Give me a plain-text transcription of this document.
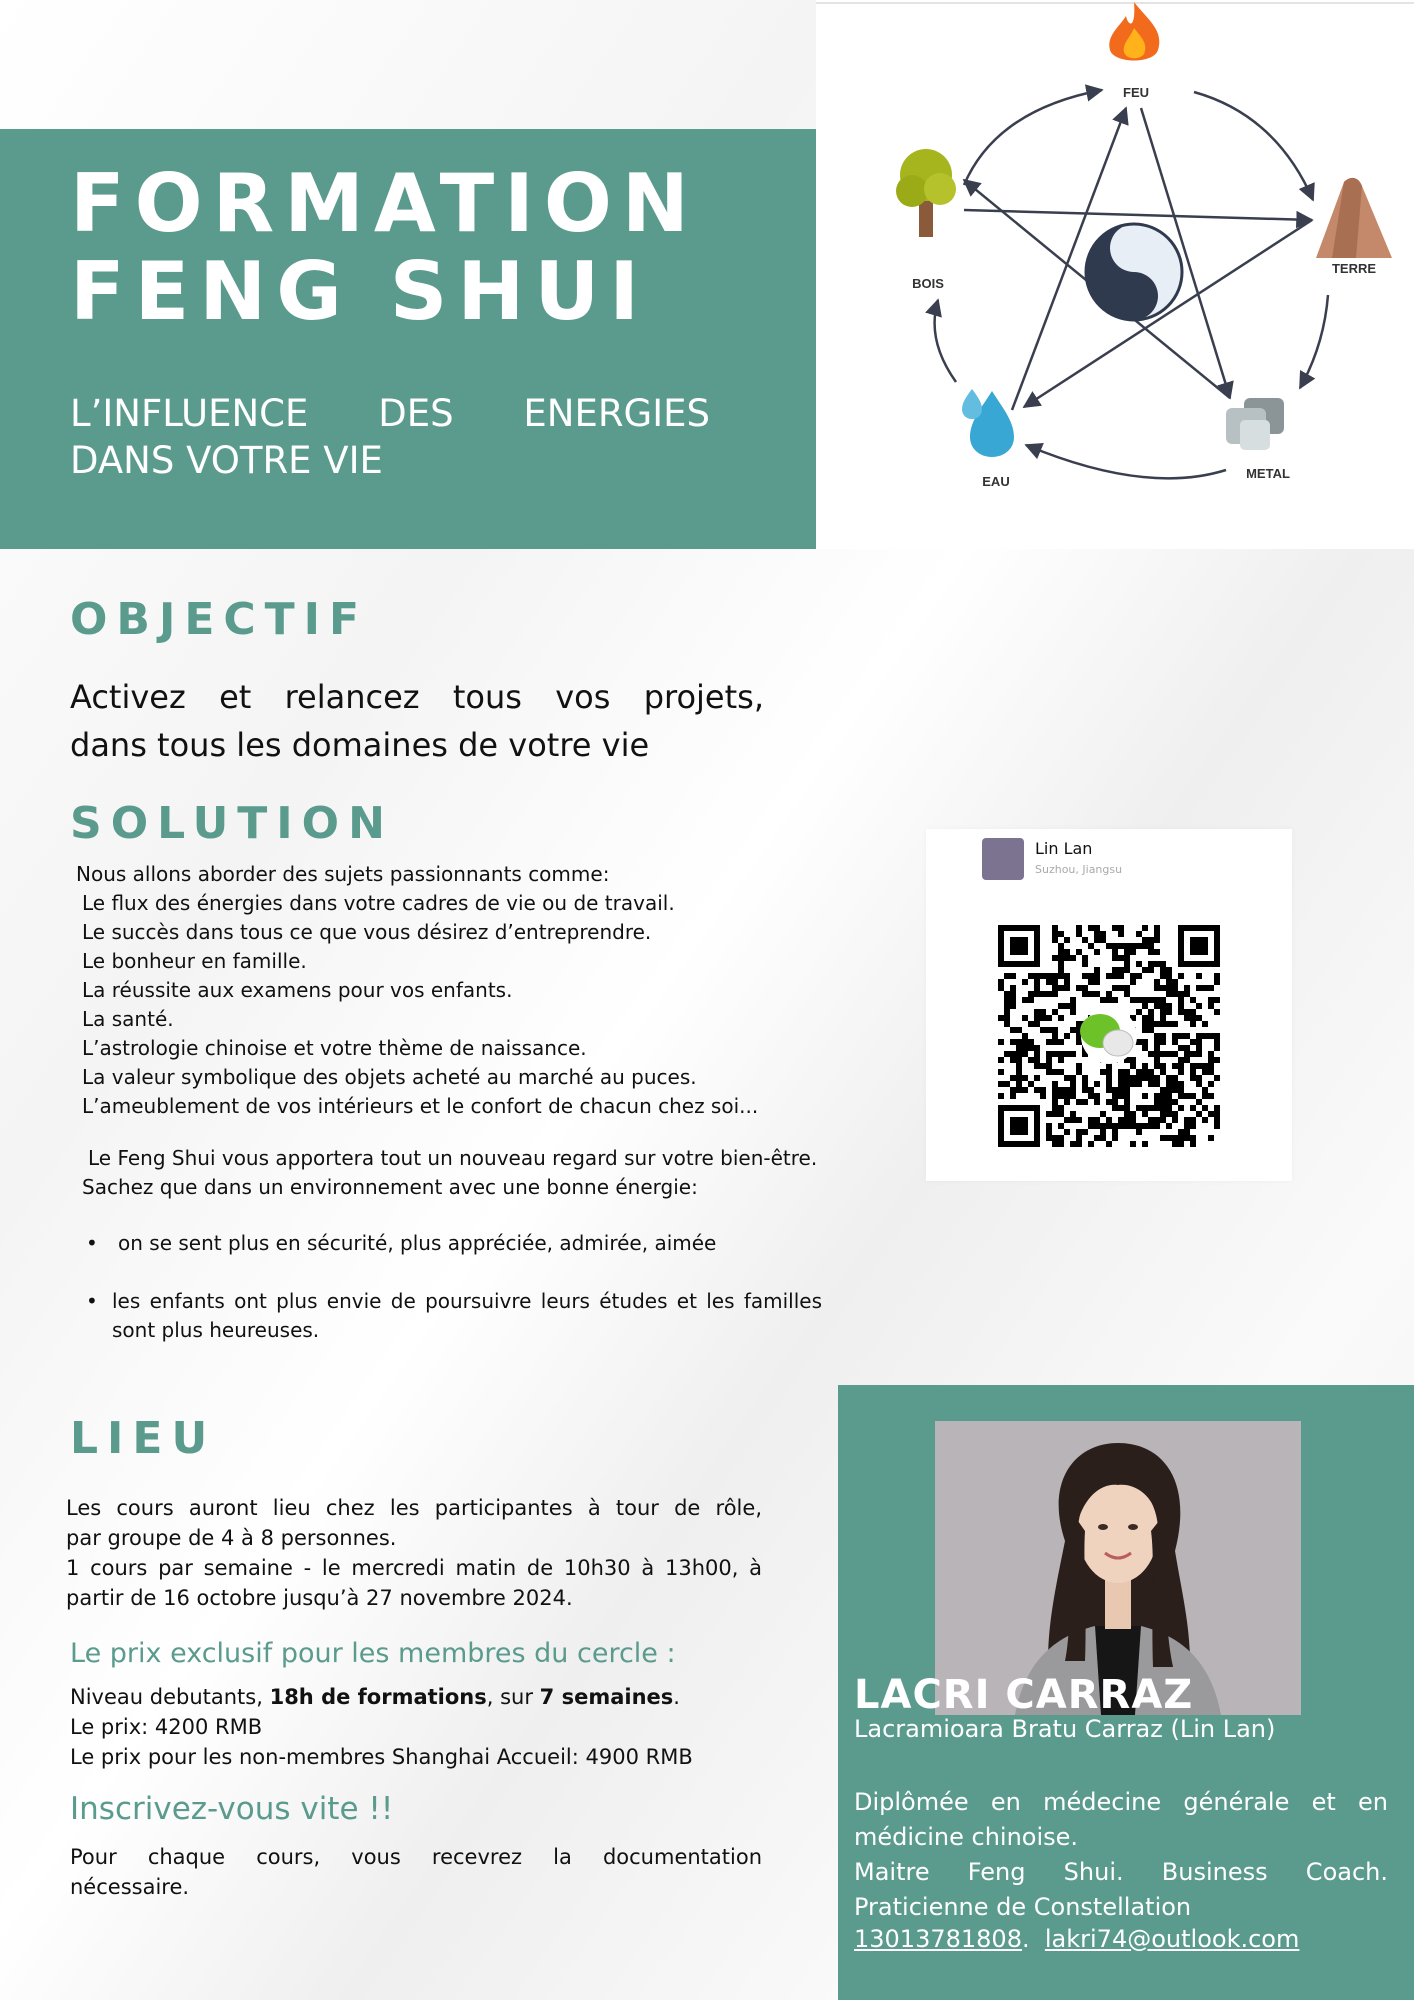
FORMATION
FENG SHUI
L’INFLUENCE DES ENERGIES
DANS VOTRE VIE
FEU
BOIS
TERRE
METAL
EAU
OBJECTIF
Activez et relancez tous vos projets,
dans tous les domaines de votre vie
SOLUTION
Nous allons aborder des sujets passionnants comme:
Le flux des énergies dans votre cadres de vie ou de travail.
Le succès dans tous ce que vous désirez d’entreprendre.
Le bonheur en famille.
La réussite aux examens pour vos enfants.
La santé.
L’astrologie chinoise et votre thème de naissance.
La valeur symbolique des objets acheté au marché au puces.
L’ameublement de vos intérieurs et le confort de chacun chez soi...
Le Feng Shui vous apportera tout un nouveau regard sur votre bien-être.
Sachez que dans un environnement avec une bonne énergie:
• on se sent plus en sécurité, plus appréciée, admirée, aimée
• les enfants ont plus envie de poursuivre leurs études et les familles sont plus heureuses.
Lin Lan
Suzhou, Jiangsu
LIEU
Les cours auront lieu chez les participantes à tour de rôle,
par groupe de 4 à 8 personnes.
1 cours par semaine - le mercredi matin de 10h30 à 13h00, à
partir de 16 octobre jusqu’à 27 novembre 2024.
Le prix exclusif pour les membres du cercle :
Niveau debutants, 18h de formations, sur 7 semaines.
Le prix: 4200 RMB
Le prix pour les non-membres Shanghai Accueil: 4900 RMB
Inscrivez-vous vite !!
Pour chaque cours, vous recevrez la documentation
nécessaire.
LACRI CARRAZ
Lacramioara Bratu Carraz (Lin Lan)
Diplômée en médecine générale et en
médicine chinoise.
Maitre Feng Shui. Business Coach.
Praticienne de Constellation
13013781808. lakri74@outlook.com
